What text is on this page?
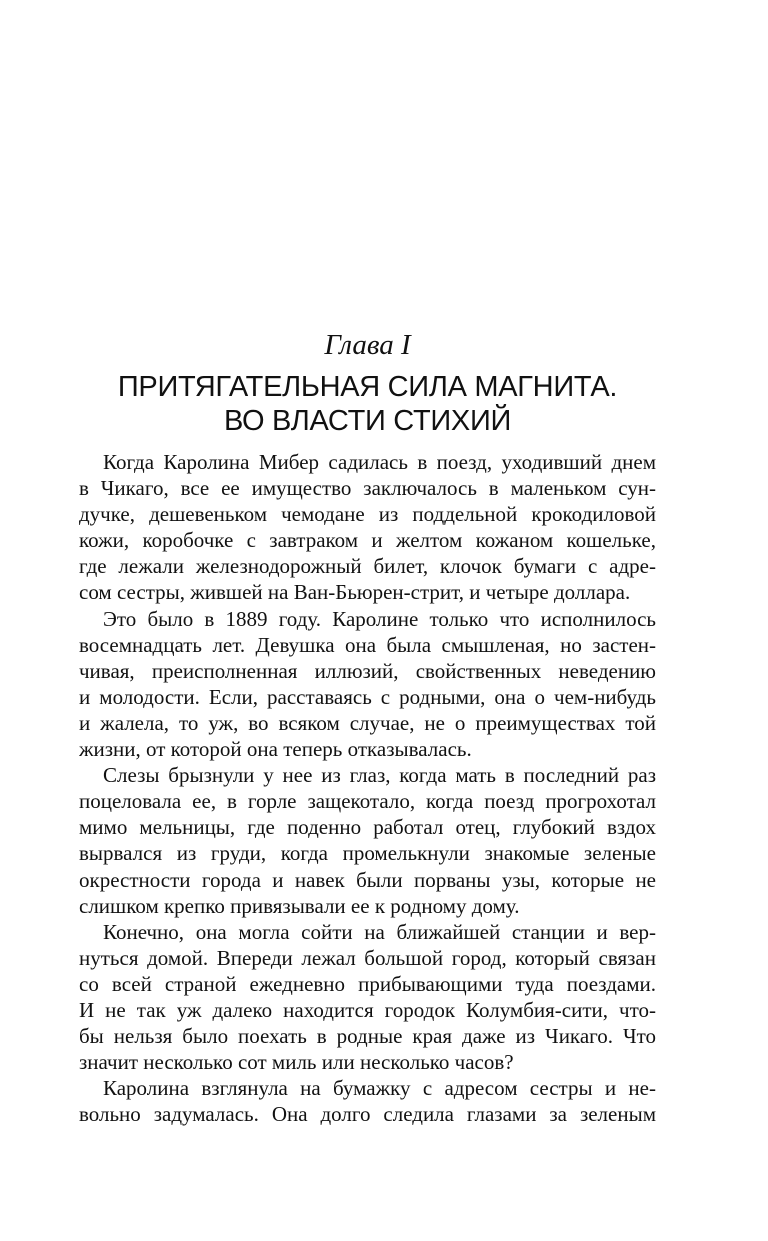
Глава I
ПРИТЯГАТЕЛЬНАЯ СИЛА МАГНИТА.
ВО ВЛАСТИ СТИХИЙ

Когда Каролина Мибер садилась в поезд, уходивший днем
в Чикаго, все ее имущество заключалось в маленьком сун-
дучке, дешевеньком чемодане из поддельной крокодиловой
кожи, коробочке с завтраком и желтом кожаном кошельке,
где лежали железнодорожный билет, клочок бумаги с адре-
сом сестры, жившей на Ван-Бьюрен-стрит, и четыре доллара.

Это было в 1889 году. Каролине только что исполнилось
восемнадцать лет. Девушка она была смышленая, но застен-
чивая, преисполненная иллюзий, свойственных неведению
и молодости. Если, расставаясь с родными, она о чем-нибудь
и жалела, то уж, во всяком случае, не о преимуществах той
жизни, от которой она теперь отказывалась.

Слезы брызнули у нее из глаз, когда мать в последний раз
поцеловала ее, в горле защекотало, когда поезд прогрохотал
мимо мельницы, где поденно работал отец, глубокий вздох
вырвался из груди, когда промелькнули знакомые зеленые
окрестности города и навек были порваны узы, которые не
слишком крепко привязывали ее к родному дому.

Конечно, она могла сойти на ближайшей станции и вер-
нуться домой. Впереди лежал большой город, который связан
со всей страной ежедневно прибывающими туда поездами.
И не так уж далеко находится городок Колумбия-сити, что-
бы нельзя было поехать в родные края даже из Чикаго. Что
значит несколько сот миль или несколько часов?

Каролина взглянула на бумажку с адресом сестры и не-
вольно задумалась. Она долго следила глазами за зеленым
